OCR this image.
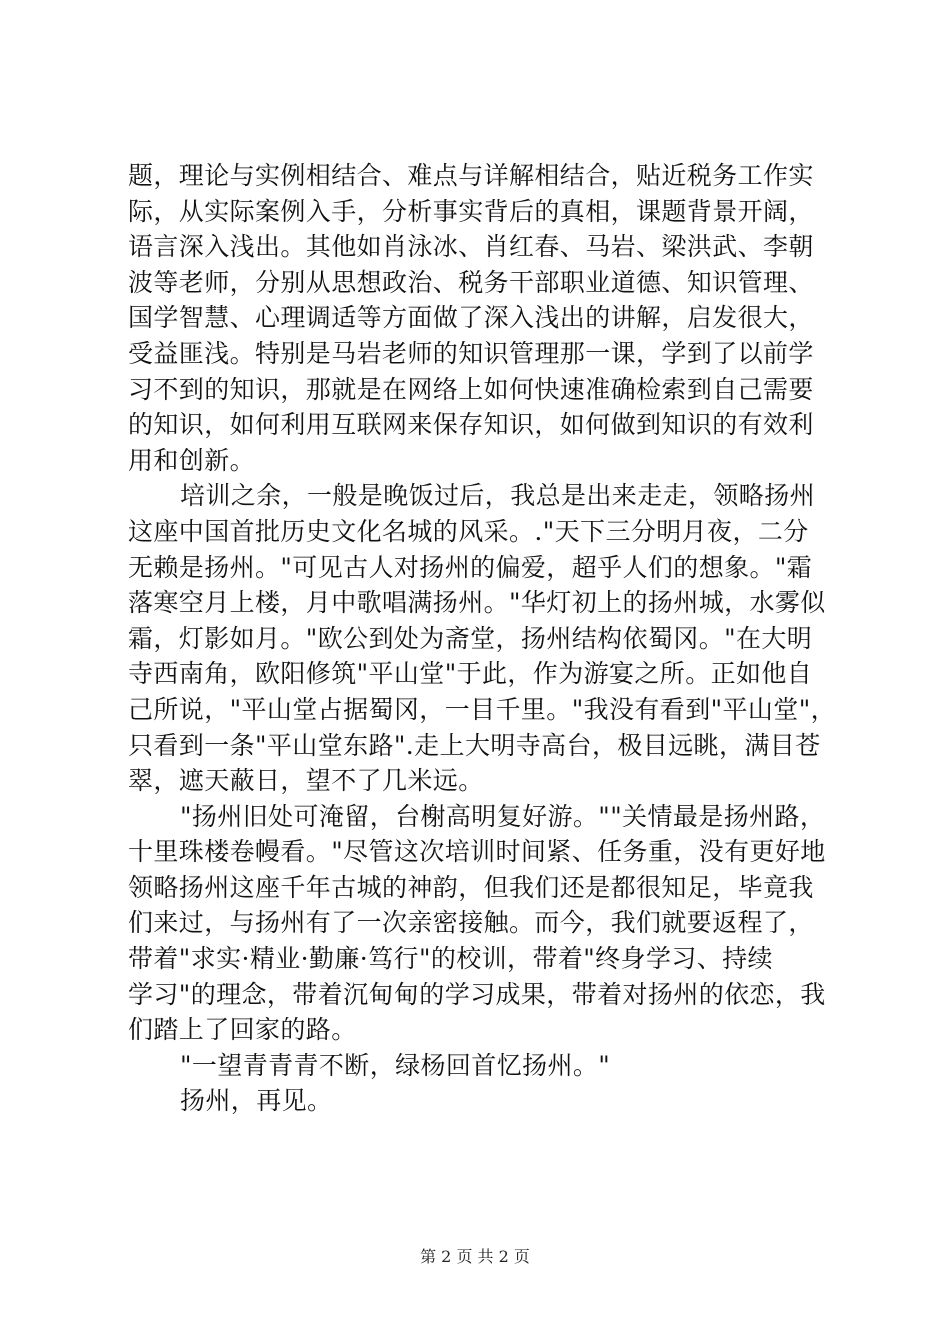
题，理论与实例相结合、难点与详解相结合，贴近税务工作实
际，从实际案例入手，分析事实背后的真相，课题背景开阔，
语言深入浅出。其他如肖泳冰、肖红春、马岩、梁洪武、李朝
波等老师，分别从思想政治、税务干部职业道德、知识管理、
国学智慧、心理调适等方面做了深入浅出的讲解，启发很大，
受益匪浅。特别是马岩老师的知识管理那一课，学到了以前学
习不到的知识，那就是在网络上如何快速准确检索到自己需要
的知识，如何利用互联网来保存知识，如何做到知识的有效利
用和创新。
培训之余，一般是晚饭过后，我总是出来走走，领略扬州
这座中国首批历史文化名城的风采。."天下三分明月夜，二分
无赖是扬州。"可见古人对扬州的偏爱，超乎人们的想象。"霜
落寒空月上楼，月中歌唱满扬州。"华灯初上的扬州城，水雾似
霜，灯影如月。"欧公到处为斋堂，扬州结构依蜀冈。"在大明
寺西南角，欧阳修筑"平山堂"于此，作为游宴之所。正如他自
己所说，"平山堂占据蜀冈，一目千里。"我没有看到"平山堂"，
只看到一条"平山堂东路".走上大明寺高台，极目远眺，满目苍
翠，遮天蔽日，望不了几米远。
"扬州旧处可淹留，台榭高明复好游。""关情最是扬州路，
十里珠楼卷幔看。"尽管这次培训时间紧、任务重，没有更好地
领略扬州这座千年古城的神韵，但我们还是都很知足，毕竟我
们来过，与扬州有了一次亲密接触。而今，我们就要返程了，
带着"求实·精业·勤廉·笃行"的校训，带着"终身学习、持续
学习"的理念，带着沉甸甸的学习成果，带着对扬州的依恋，我
们踏上了回家的路。
"一望青青青不断，绿杨回首忆扬州。"
扬州，再见。
第 2 页 共 2 页
